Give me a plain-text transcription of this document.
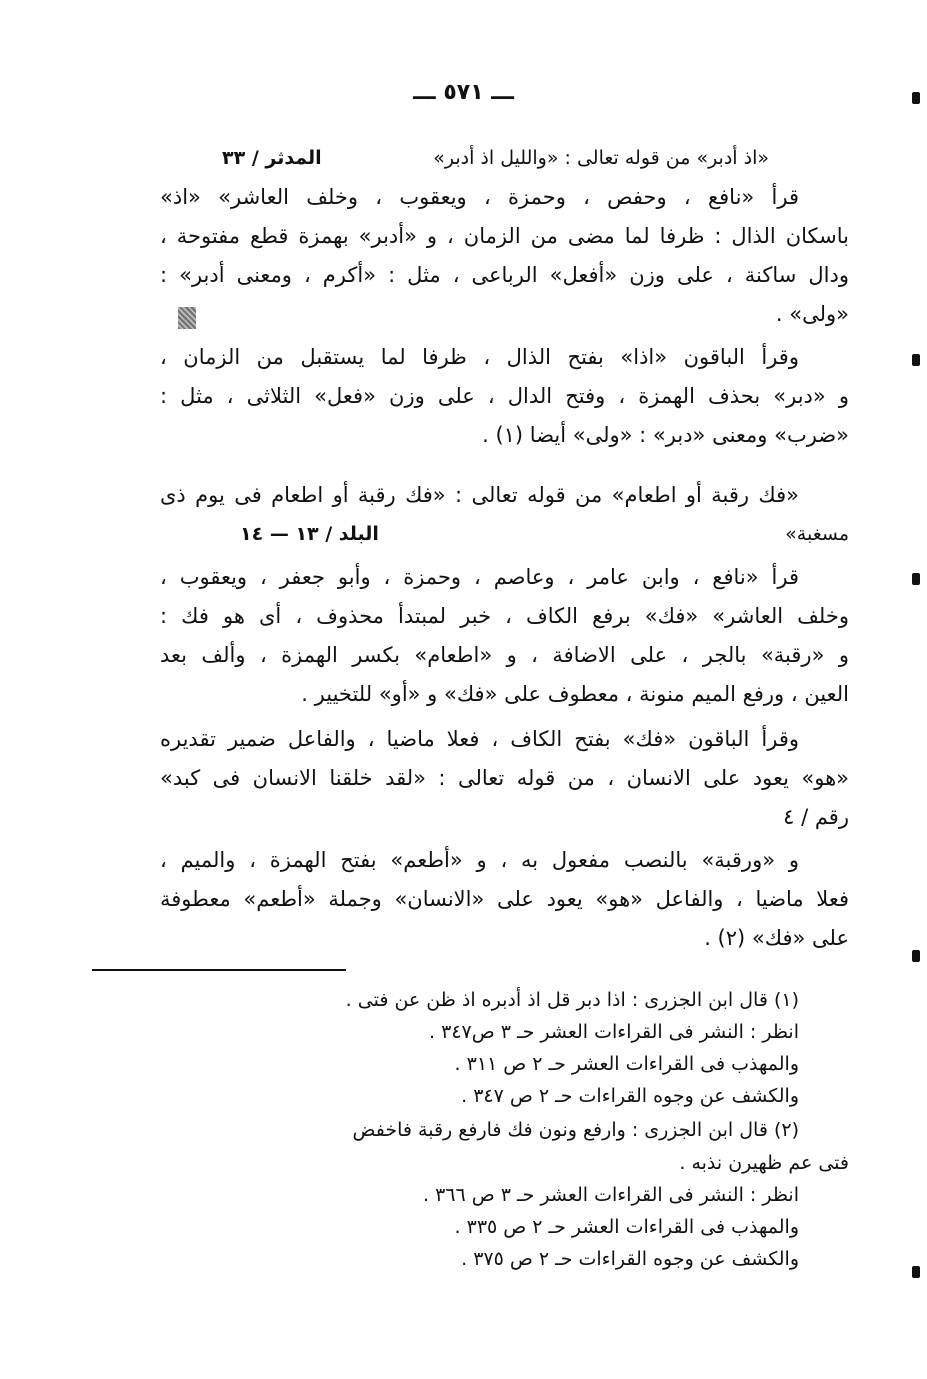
ـــ ٥٧١ ـــ
«اذ أدبر» من قوله تعالى : «والليل اذ أدبر»
المدثر / ٣٣
قرأ «نافع ، وحفص ، وحمزة ، ويعقوب ، وخلف العاشر» «اذ»
باسكان الذال : ظرفا لما مضى من الزمان ، و «أدبر» بهمزة قطع مفتوحة ،
ودال ساكنة ، على وزن «أفعل» الرباعى ، مثل : «أكرم ، ومعنى أدبر» :
«ولى» .
وقرأ الباقون «اذا» بفتح الذال ، ظرفا لما يستقبل من الزمان ،
و «دبر» بحذف الهمزة ، وفتح الدال ، على وزن «فعل» الثلاثى ، مثل :
«ضرب» ومعنى «دبر» : «ولى» أيضا (١) .
«فك رقبة أو اطعام» من قوله تعالى : «فك رقبة أو اطعام فى يوم ذى
مسغبة»
البلد / ١٣ — ١٤
قرأ «نافع ، وابن عامر ، وعاصم ، وحمزة ، وأبو جعفر ، ويعقوب ،
وخلف العاشر» «فك» برفع الكاف ، خبر لمبتدأ محذوف ، أى هو فك :
و «رقبة» بالجر ، على الاضافة ، و «اطعام» بكسر الهمزة ، وألف بعد
العين ، ورفع الميم منونة ، معطوف على «فك» و «أو» للتخيير .
وقرأ الباقون «فك» بفتح الكاف ، فعلا ماضيا ، والفاعل ضمير تقديره
«هو» يعود على الانسان ، من قوله تعالى : «لقد خلقنا الانسان فى كبد»
رقم / ٤
و «ورقبة» بالنصب مفعول به ، و «أطعم» بفتح الهمزة ، والميم ،
فعلا ماضيا ، والفاعل «هو» يعود على «الانسان» وجملة «أطعم» معطوفة
على «فك» (٢) .
(١) قال ابن الجزرى : اذا دبر قل اذ أدبره اذ ظن عن فتى .
انظر : النشر فى القراءات العشر حـ ٣ ص٣٤٧ .
والمهذب فى القراءات العشر حـ ٢ ص ٣١١ .
والكشف عن وجوه القراءات حـ ٢ ص ٣٤٧ .
(٢) قال ابن الجزرى : وارفع ونون فك فارفع رقبة فاخفض
فتى عم ظهيرن نذبه .
انظر : النشر فى القراءات العشر حـ ٣ ص ٣٦٦ .
والمهذب فى القراءات العشر حـ ٢ ص ٣٣٥ .
والكشف عن وجوه القراءات حـ ٢ ص ٣٧٥ .
